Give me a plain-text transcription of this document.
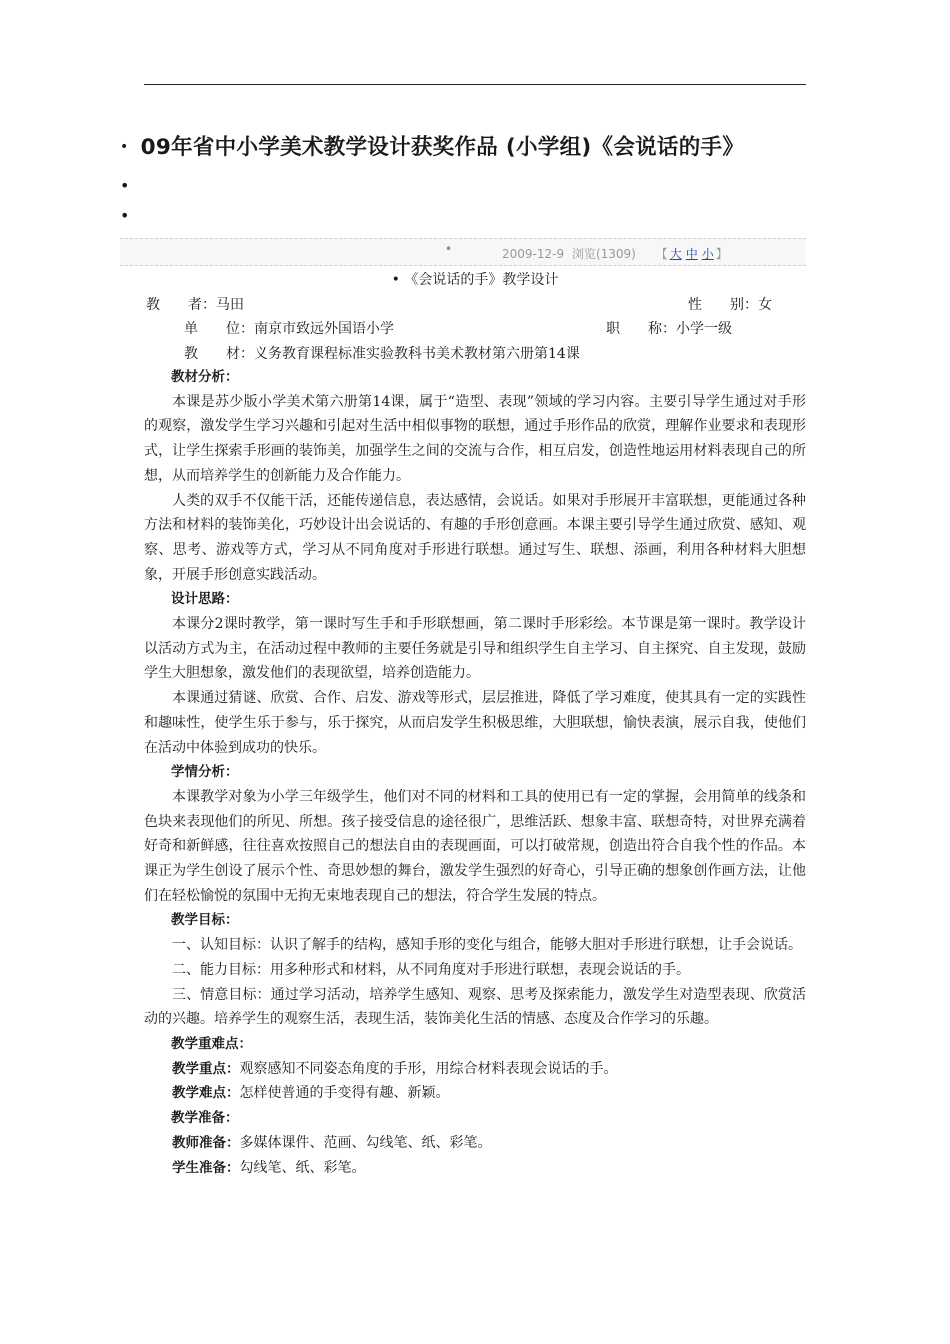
• 09年省中小学美术教学设计获奖作品 (小学组)《会说话的手》
•
•
•	2009-12-9 浏览(1309) 【 大 中 小 】
• 《会说话的手》教学设计
教　　者：马田	性　　别：女
单　　位：南京市致远外国语小学	职　　称：小学一级
教　　材：义务教育课程标准实验教科书美术教材第六册第14课

教材分析：

本课是苏少版小学美术第六册第14课，属于“造型、表现”领域的学习内容。主要引导学生通过对手形的观察，激发学生学习兴趣和引起对生活中相似事物的联想，通过手形作品的欣赏，理解作业要求和表现形式，让学生探索手形画的装饰美，加强学生之间的交流与合作，相互启发，创造性地运用材料表现自己的所想，从而培养学生的创新能力及合作能力。

人类的双手不仅能干活，还能传递信息，表达感情，会说话。如果对手形展开丰富联想，更能通过各种方法和材料的装饰美化，巧妙设计出会说话的、有趣的手形创意画。本课主要引导学生通过欣赏、感知、观察、思考、游戏等方式，学习从不同角度对手形进行联想。通过写生、联想、添画，利用各种材料大胆想象，开展手形创意实践活动。

设计思路：

本课分2课时教学，第一课时写生手和手形联想画，第二课时手形彩绘。本节课是第一课时。教学设计以活动方式为主，在活动过程中教师的主要任务就是引导和组织学生自主学习、自主探究、自主发现，鼓励学生大胆想象，激发他们的表现欲望，培养创造能力。

本课通过猜谜、欣赏、合作、启发、游戏等形式，层层推进，降低了学习难度，使其具有一定的实践性和趣味性，使学生乐于参与，乐于探究，从而启发学生积极思维，大胆联想，愉快表演，展示自我，使他们在活动中体验到成功的快乐。

学情分析：

本课教学对象为小学三年级学生，他们对不同的材料和工具的使用已有一定的掌握，会用简单的线条和色块来表现他们的所见、所想。孩子接受信息的途径很广，思维活跃、想象丰富、联想奇特，对世界充满着好奇和新鲜感，往往喜欢按照自己的想法自由的表现画面，可以打破常规，创造出符合自我个性的作品。本课正为学生创设了展示个性、奇思妙想的舞台，激发学生强烈的好奇心，引导正确的想象创作画方法，让他们在轻松愉悦的氛围中无拘无束地表现自己的想法，符合学生发展的特点。

教学目标：

一、认知目标：认识了解手的结构，感知手形的变化与组合，能够大胆对手形进行联想，让手会说话。

二、能力目标：用多种形式和材料，从不同角度对手形进行联想，表现会说话的手。

三、情意目标：通过学习活动，培养学生感知、观察、思考及探索能力，激发学生对造型表现、欣赏活动的兴趣。培养学生的观察生活，表现生活，装饰美化生活的情感、态度及合作学习的乐趣。

教学重难点：

教学重点：观察感知不同姿态角度的手形，用综合材料表现会说话的手。

教学难点：怎样使普通的手变得有趣、新颖。

教学准备：

教师准备：多媒体课件、范画、勾线笔、纸、彩笔。

学生准备：勾线笔、纸、彩笔。
